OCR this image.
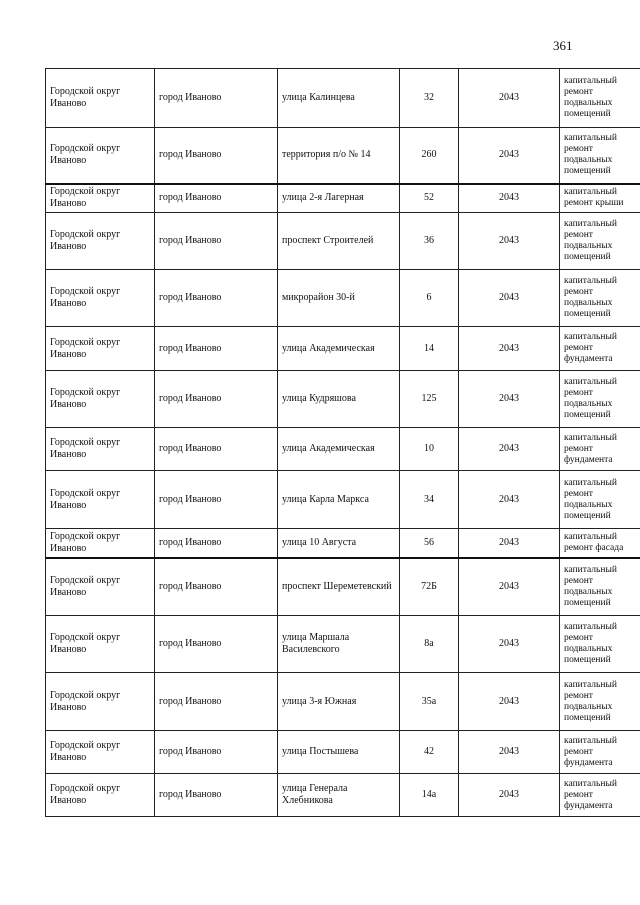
361
Городской округ Иваново	город Иваново	улица Калинцева	32	2043	капитальный ремонт подвальных помещений
Городской округ Иваново	город Иваново	территория п/о № 14	260	2043	капитальный ремонт подвальных помещений
Городской округ Иваново	город Иваново	улица 2-я Лагерная	52	2043	капитальный ремонт крыши
Городской округ Иваново	город Иваново	проспект Строителей	36	2043	капитальный ремонт подвальных помещений
Городской округ Иваново	город Иваново	микрорайон 30-й	6	2043	капитальный ремонт подвальных помещений
Городской округ Иваново	город Иваново	улица Академическая	14	2043	капитальный ремонт фундамента
Городской округ Иваново	город Иваново	улица Кудряшова	125	2043	капитальный ремонт подвальных помещений
Городской округ Иваново	город Иваново	улица Академическая	10	2043	капитальный ремонт фундамента
Городской округ Иваново	город Иваново	улица Карла Маркса	34	2043	капитальный ремонт подвальных помещений
Городской округ Иваново	город Иваново	улица 10 Августа	56	2043	капитальный ремонт фасада
Городской округ Иваново	город Иваново	проспект Шереметевский	72Б	2043	капитальный ремонт подвальных помещений
Городской округ Иваново	город Иваново	улица Маршала Василевского	8а	2043	капитальный ремонт подвальных помещений
Городской округ Иваново	город Иваново	улица 3-я Южная	35а	2043	капитальный ремонт подвальных помещений
Городской округ Иваново	город Иваново	улица Постышева	42	2043	капитальный ремонт фундамента
Городской округ Иваново	город Иваново	улица Генерала Хлебникова	14а	2043	капитальный ремонт фундамента
